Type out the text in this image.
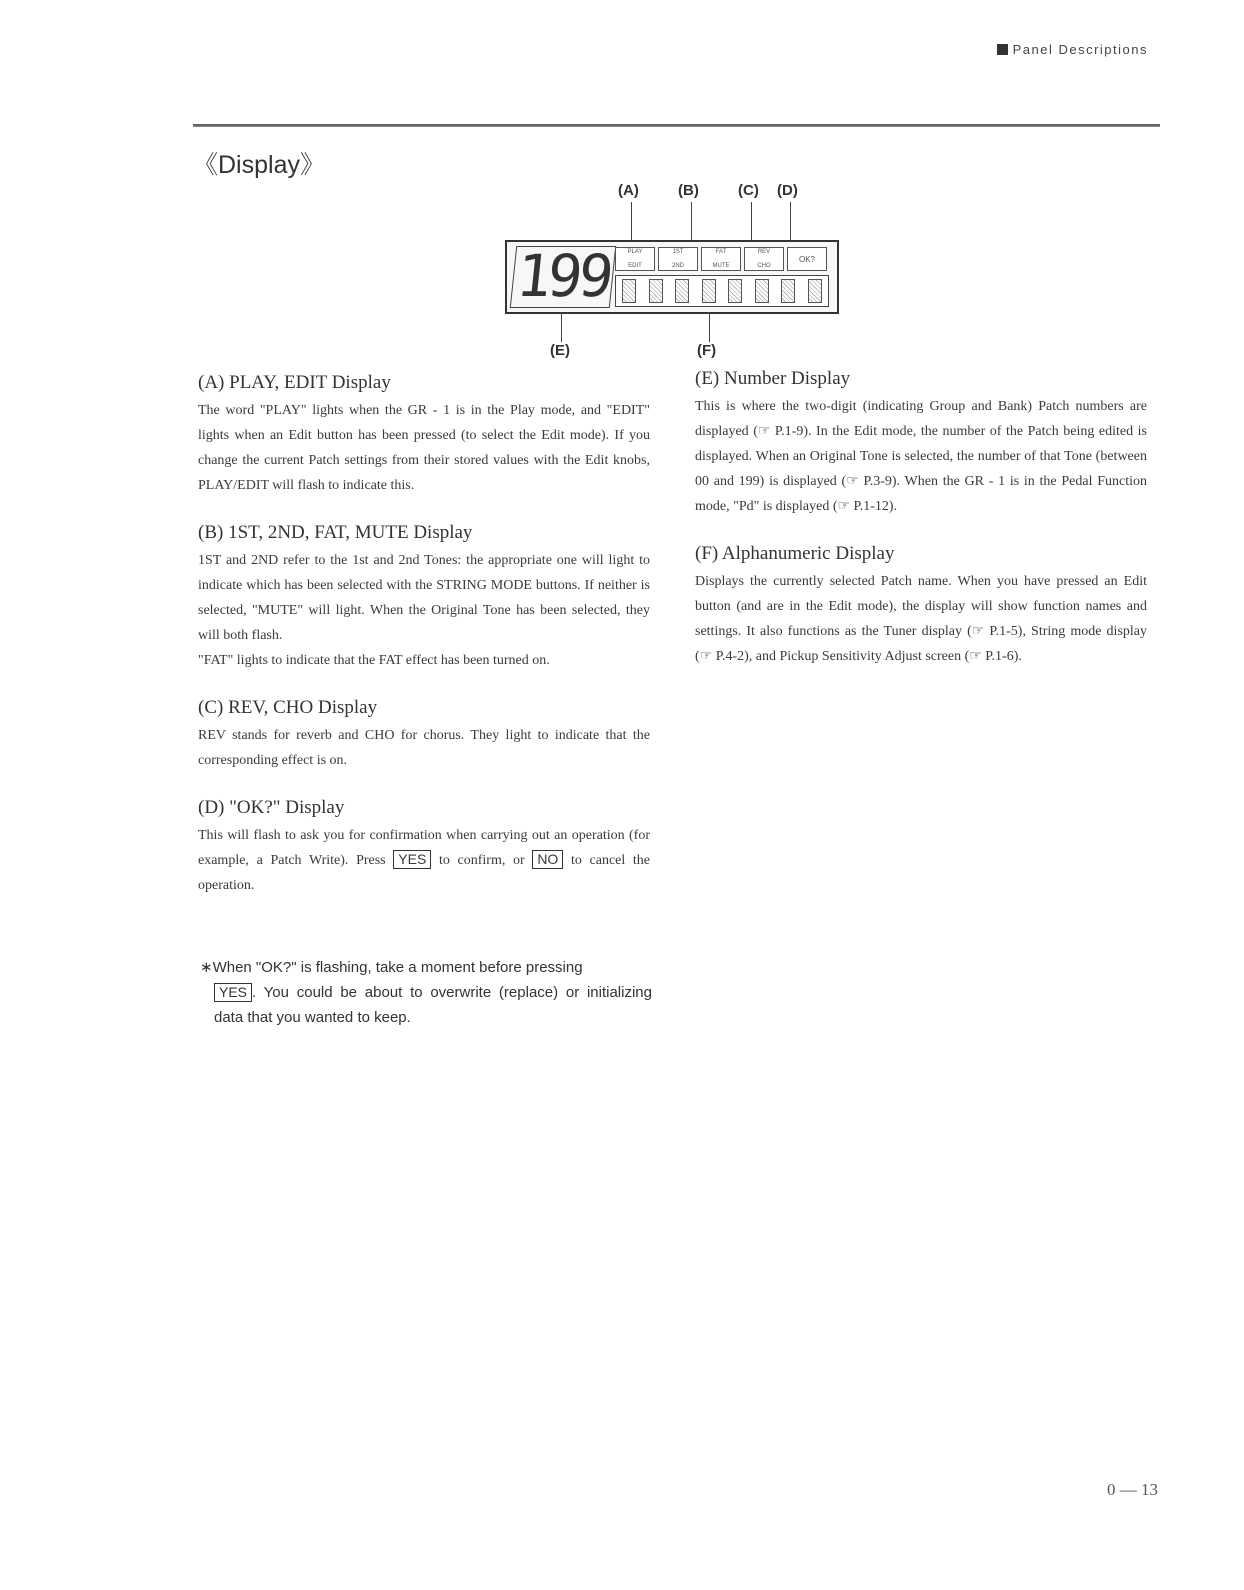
Panel Descriptions
《Display》
(A)	(B)	(C) (D)
199	PLAY
EDIT
1ST
2ND
FAT
MUTE
REV
CHO
OK?
(E)	(F)
(A) PLAY, EDIT Display

The word "PLAY" lights when the GR - 1 is in the Play mode, and "EDIT" lights when an Edit button has been pressed (to select the Edit mode). If you change the current Patch settings from their stored values with the Edit knobs, PLAY/EDIT will flash to indicate this.

(B) 1ST, 2ND, FAT, MUTE Display

1ST and 2ND refer to the 1st and 2nd Tones: the appropriate one will light to indicate which has been selected with the STRING MODE buttons. If neither is selected, "MUTE" will light. When the Original Tone has been selected, they will both flash.

"FAT" lights to indicate that the FAT effect has been turned on.

(C) REV, CHO Display

REV stands for reverb and CHO for chorus. They light to indicate that the corresponding effect is on.

(D) "OK?" Display

This will flash to ask you for confirmation when carrying out an operation (for example, a Patch Write). Press YES to confirm, or NO to cancel the operation.

∗When "OK?" is flashing, take a moment before pressing
YES . You could be about to overwrite (replace) or initializing data that you wanted to keep.
(E) Number Display

This is where the two-digit (indicating Group and Bank) Patch numbers are displayed (☞ P.1-9). In the Edit mode, the number of the Patch being edited is displayed. When an Original Tone is selected, the number of that Tone (between 00 and 199) is displayed (☞ P.3-9). When the GR - 1 is in the Pedal Function mode, "Pd" is displayed (☞ P.1-12).

(F) Alphanumeric Display

Displays the currently selected Patch name. When you have pressed an Edit button (and are in the Edit mode), the display will show function names and settings. It also functions as the Tuner display (☞ P.1-5), String mode display (☞ P.4-2), and Pickup Sensitivity Adjust screen (☞ P.1-6).

0 — 13
